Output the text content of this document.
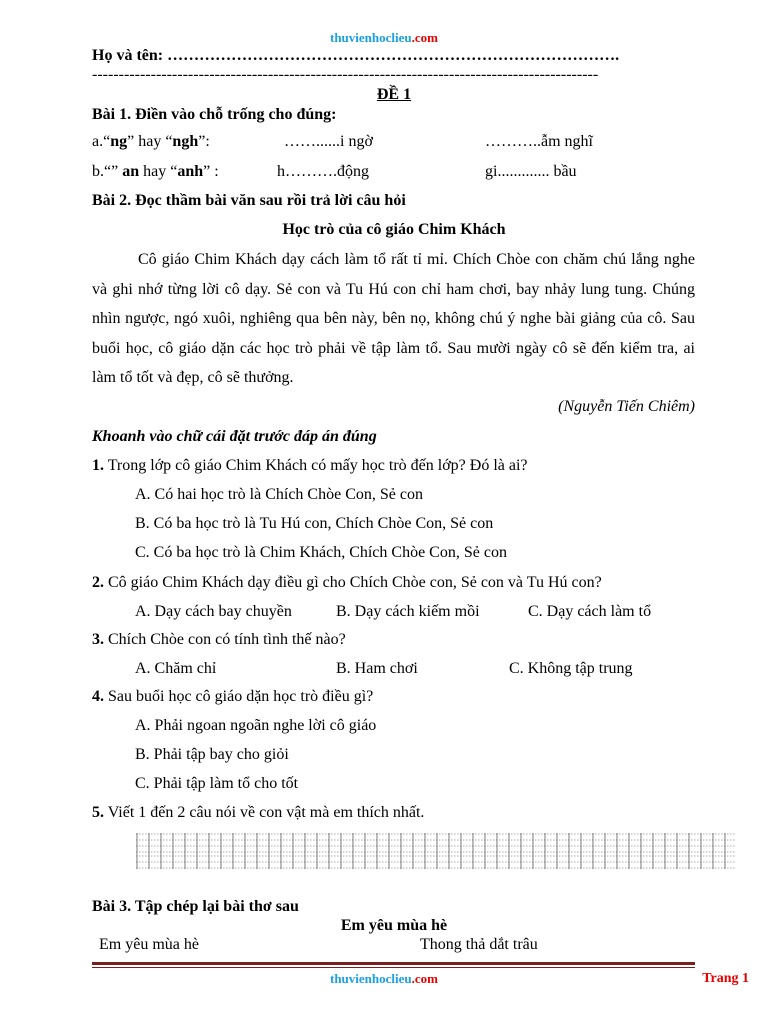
thuvienhoclieu.com
Họ và tên: ………………………………………………………………………….
-----------------------------------------------------------------------------------------------
ĐỀ 1
Bài 1. Điền vào chỗ trống cho đúng:
a.“ng” hay “ngh”:	……......i ngờ	………..ẫm nghĩ
b.“” an hay “anh” :	h……….động	gi............. bầu
Bài 2. Đọc thầm bài văn sau rồi trả lời câu hỏi
Học trò của cô giáo Chim Khách
Cô giáo Chim Khách dạy cách làm tổ rất tỉ mỉ. Chích Chòe con chăm chú lắng nghe và ghi nhớ từng lời cô dạy. Sẻ con và Tu Hú con chỉ ham chơi, bay nhảy lung tung. Chúng nhìn ngược, ngó xuôi, nghiêng qua bên này, bên nọ, không chú ý nghe bài giảng của cô. Sau buổi học, cô giáo dặn các học trò phải về tập làm tổ. Sau mười ngày cô sẽ đến kiểm tra, ai làm tổ tốt và đẹp, cô sẽ thưởng.
(Nguyễn Tiến Chiêm)
Khoanh vào chữ cái đặt trước đáp án đúng
1. Trong lớp cô giáo Chim Khách có mấy học trò đến lớp? Đó là ai?
A. Có hai học trò là Chích Chòe Con, Sẻ con
B. Có ba học trò là Tu Hú con, Chích Chòe Con, Sẻ con
C. Có ba học trò là Chim Khách, Chích Chòe Con, Sẻ con
2. Cô giáo Chim Khách dạy điều gì cho Chích Chòe con, Sẻ con và Tu Hú con?
A. Dạy cách bay chuyền	B. Dạy cách kiếm mồi	C. Dạy cách làm tổ
3. Chích Chòe con có tính tình thế nào?
A. Chăm chỉ	B. Ham chơi	C. Không tập trung
4. Sau buổi học cô giáo dặn học trò điều gì?
A. Phải ngoan ngoãn nghe lời cô giáo
B. Phải tập bay cho giỏi
C. Phải tập làm tổ cho tốt
5. Viết 1 đến 2 câu nói về con vật mà em thích nhất.
Bài 3. Tập chép lại bài thơ sau
Em yêu mùa hè
Em yêu mùa hè	Thong thả dắt trâu
thuvienhoclieu.com	Trang 1
